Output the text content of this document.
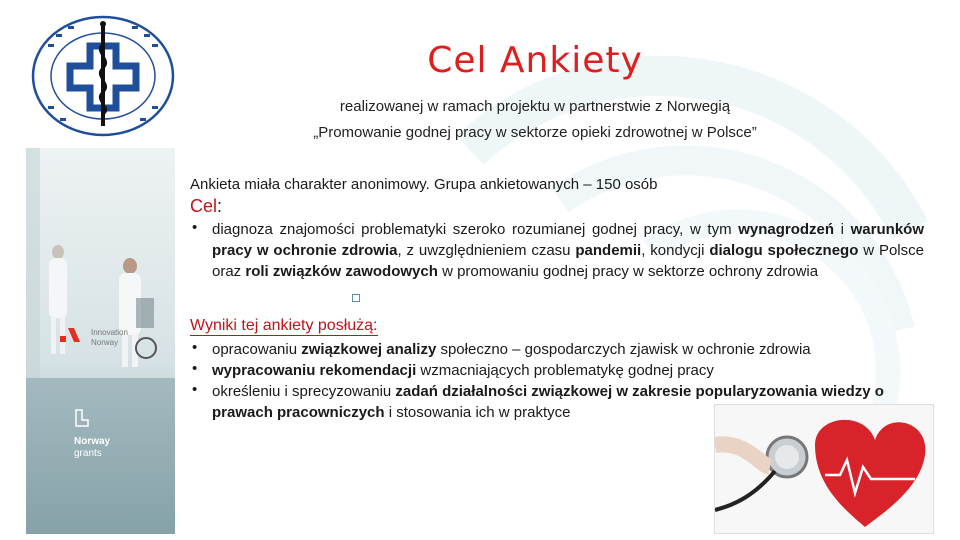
Cel Ankiety
realizowanej w ramach projektu w partnerstwie z Norwegią
„Promowanie godnej pracy w sektorze opieki zdrowotnej w Polsce”
Innovation
Norway
Norway
grants
Ankieta miała charakter anonimowy. Grupa ankietowanych – 150 osób
Cel:
• diagnoza znajomości problematyki szeroko rozumianej godnej pracy, w tym wynagrodzeń i warunków pracy w ochronie zdrowia, z uwzględnieniem czasu pandemii, kondycji dialogu społecznego w Polsce oraz roli związków zawodowych w promowaniu godnej pracy w sektorze ochrony zdrowia
Wyniki tej ankiety posłużą:
• opracowaniu związkowej analizy społeczno – gospodarczych zjawisk w ochronie zdrowia
• wypracowaniu rekomendacji wzmacniających problematykę godnej pracy
• określeniu i sprecyzowaniu zadań działalności związkowej w zakresie popularyzowania wiedzy o prawach pracowniczych i stosowania ich w praktyce
